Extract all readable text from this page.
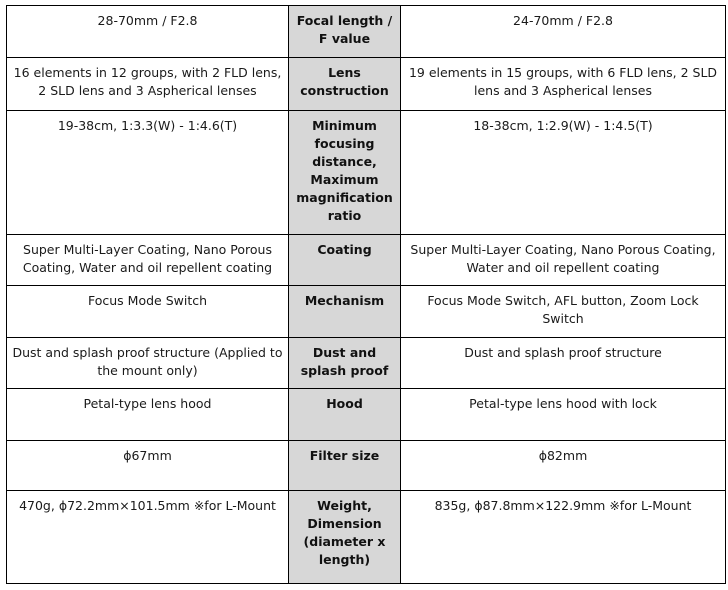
28-70mm / F2.8	Focal length / F value	24-70mm / F2.8
16 elements in 12 groups, with 2 FLD lens, 2 SLD lens and 3 Aspherical lenses	Lens construction	19 elements in 15 groups, with 6 FLD lens, 2 SLD lens and 3 Aspherical lenses
19-38cm, 1:3.3(W) - 1:4.6(T)	Minimum focusing distance, Maximum magnification ratio	18-38cm, 1:2.9(W) - 1:4.5(T)
Super Multi-Layer Coating, Nano Porous Coating, Water and oil repellent coating	Coating	Super Multi-Layer Coating, Nano Porous Coating, Water and oil repellent coating
Focus Mode Switch	Mechanism	Focus Mode Switch, AFL button, Zoom Lock Switch
Dust and splash proof structure (Applied to the mount only)	Dust and splash proof	Dust and splash proof structure
Petal-type lens hood	Hood	Petal-type lens hood with lock
ϕ67mm	Filter size	ϕ82mm
470g, ϕ72.2mm×101.5mm ※for L-Mount	Weight, Dimension (diameter x length)	835g, ϕ87.8mm×122.9mm ※for L-Mount
